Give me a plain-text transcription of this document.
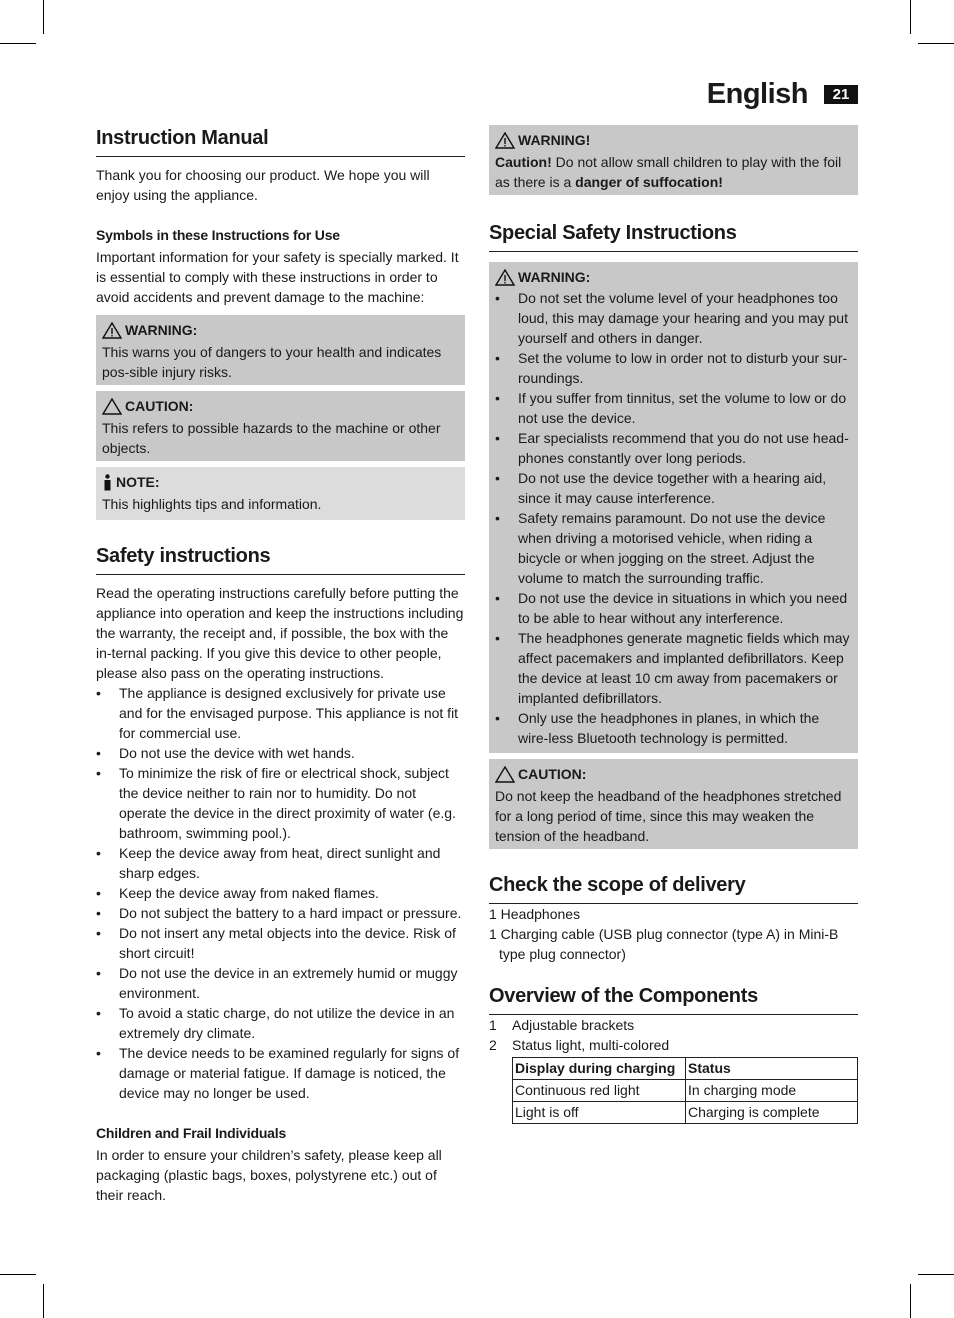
English	21
Instruction Manual

Thank you for choosing our product. We hope you will enjoy using the appliance.

Symbols in these Instructions for Use

Important information for your safety is specially marked. It is essential to comply with these instructions in order to avoid accidents and prevent damage to the machine:

WARNING:

This warns you of dangers to your health and indicates pos-sible injury risks.

CAUTION:

This refers to possible hazards to the machine or other objects.

NOTE:

This highlights tips and information.

Safety instructions

Read the operating instructions carefully before putting the appliance into operation and keep the instructions including the warranty, the receipt and, if possible, the box with the in-ternal packing. If you give this device to other people, please also pass on the operating instructions.

• The appliance is designed exclusively for private use and for the envisaged purpose. This appliance is not fit for commercial use.
• Do not use the device with wet hands.
• To minimize the risk of fire or electrical shock, subject the device neither to rain nor to humidity. Do not operate the device in the direct proximity of water (e.g. bathroom, swimming pool.).
• Keep the device away from heat, direct sunlight and sharp edges.
• Keep the device away from naked flames.
• Do not subject the battery to a hard impact or pressure.
• Do not insert any metal objects into the device. Risk of short circuit!
• Do not use the device in an extremely humid or muggy environment.
• To avoid a static charge, do not utilize the device in an extremely dry climate.
• The device needs to be examined regularly for signs of damage or material fatigue. If damage is noticed, the device may no longer be used.
Children and Frail Individuals

In order to ensure your children’s safety, please keep all packaging (plastic bags, boxes, polystyrene etc.) out of their reach.

WARNING!

Caution! Do not allow small children to play with the foil as there is a danger of suffocation!

Special Safety Instructions
WARNING:
• Do not set the volume level of your headphones too loud, this may damage your hearing and you may put yourself and others in danger.
• Set the volume to low in order not to disturb your sur-roundings.
• If you suffer from tinnitus, set the volume to low or do not use the device.
• Ear specialists recommend that you do not use head-phones constantly over long periods.
• Do not use the device together with a hearing aid, since it may cause interference.
• Safety remains paramount. Do not use the device when driving a motorised vehicle, when riding a bicycle or when jogging on the street. Adjust the volume to match the surrounding traffic.
• Do not use the device in situations in which you need to be able to hear without any interference.
• The headphones generate magnetic fields which may affect pacemakers and implanted defibrillators. Keep the device at least 10 cm away from pacemakers or implanted defibrillators.
• Only use the headphones in planes, in which the wire-less Bluetooth technology is permitted.
CAUTION:

Do not keep the headband of the headphones stretched for a long period of time, since this may weaken the tension of the headband.

Check the scope of delivery
1 Headphones
1 Charging cable (USB plug connector (type A) in Mini-B type plug connector)
Overview of the Components
1	Adjustable brackets
2	Status light, multi-colored
Display during charging	Status
Continuous red light	In charging mode
Light is off	Charging is complete
